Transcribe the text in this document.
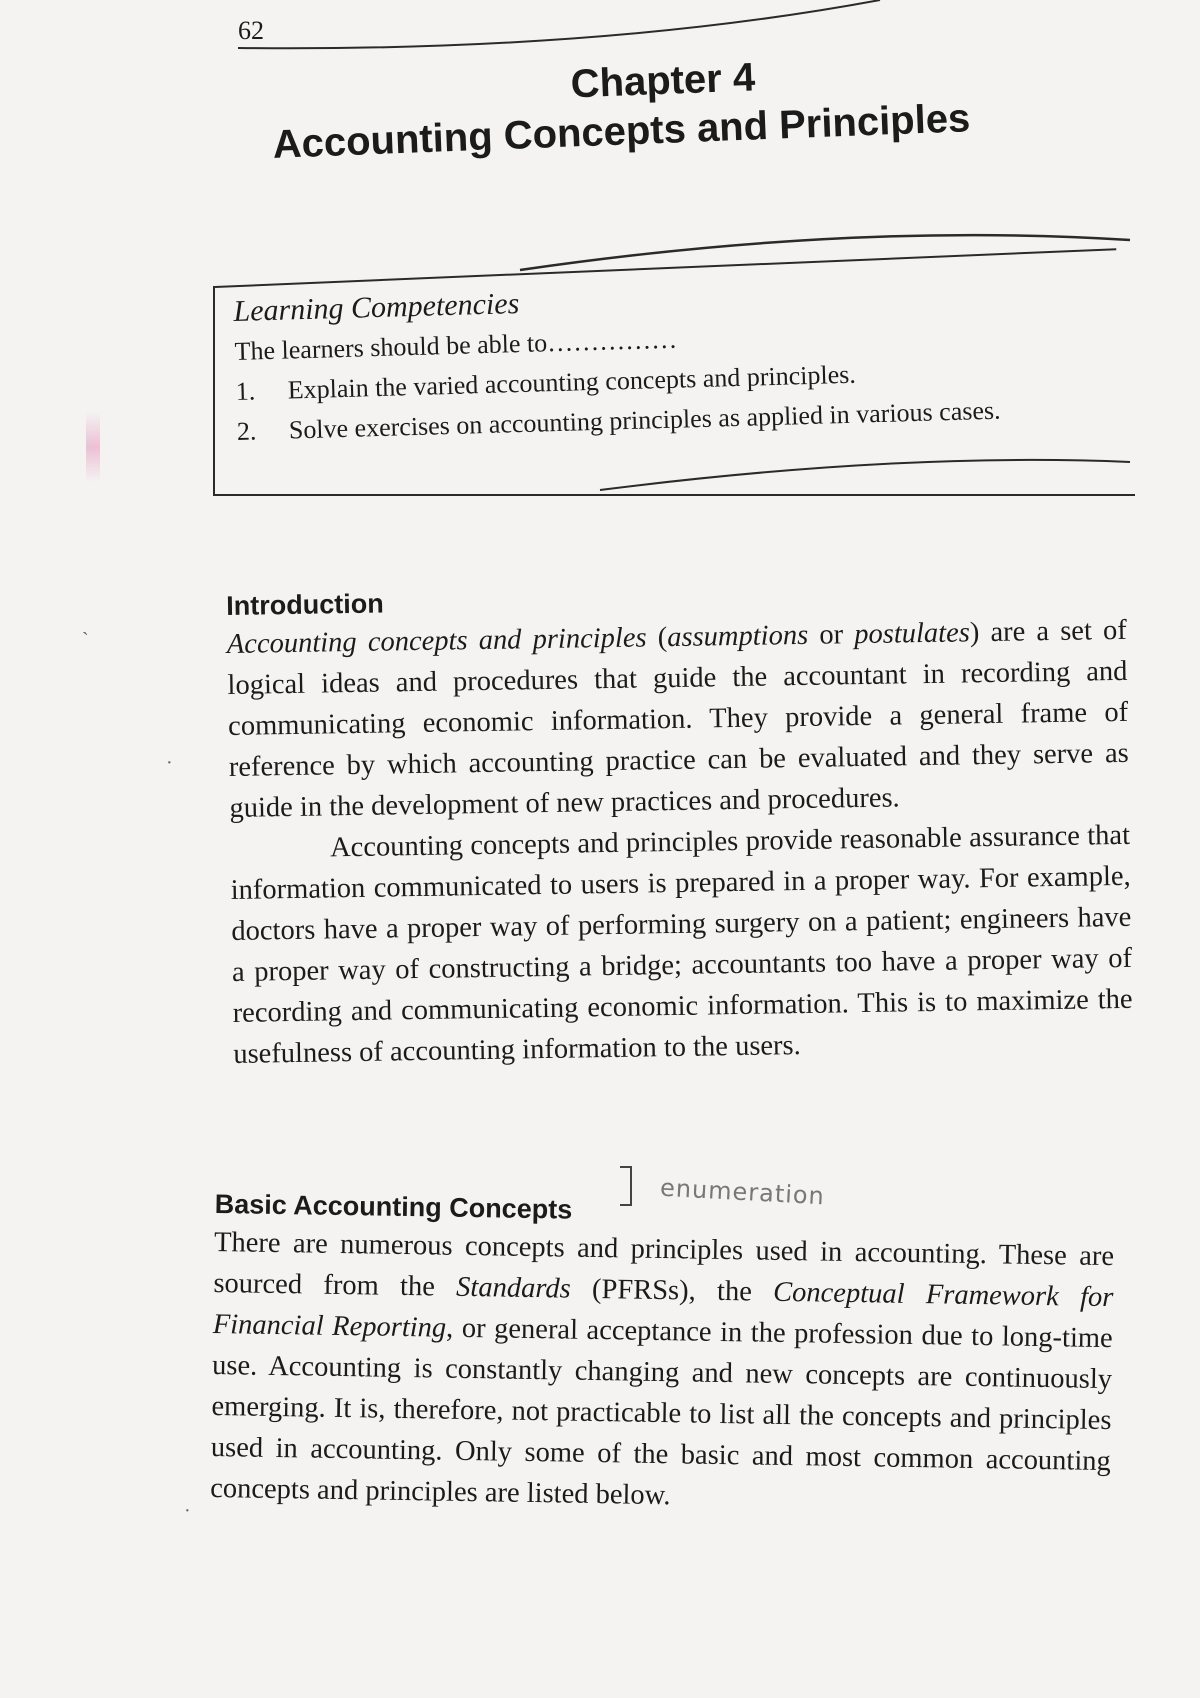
62
Chapter 4
Accounting Concepts and Principles
Learning Competencies
The learners should be able to……………
1.	Explain the varied accounting concepts and principles.
2.	Solve exercises on accounting principles as applied in various cases.
Introduction

Accounting concepts and principles (assumptions or postulates) are a set of logical ideas and procedures that guide the accountant in recording and communicating economic information. They provide a general frame of reference by which accounting practice can be evaluated and they serve as guide in the development of new practices and procedures.

Accounting concepts and principles provide reasonable assurance that information communicated to users is prepared in a proper way. For example, doctors have a proper way of performing surgery on a patient; engineers have a proper way of constructing a bridge; accountants too have a proper way of recording and communicating economic information. This is to maximize the usefulness of accounting information to the users.

enumeration
Basic Accounting Concepts

There are numerous concepts and principles used in accounting. These are sourced from the Standards (PFRSs), the Conceptual Framework for Financial Reporting, or general acceptance in the profession due to long-time use. Accounting is constantly changing and new concepts are continuously emerging. It is, therefore, not practicable to list all the concepts and principles used in accounting. Only some of the basic and most common accounting concepts and principles are listed below.

˴
·
·
